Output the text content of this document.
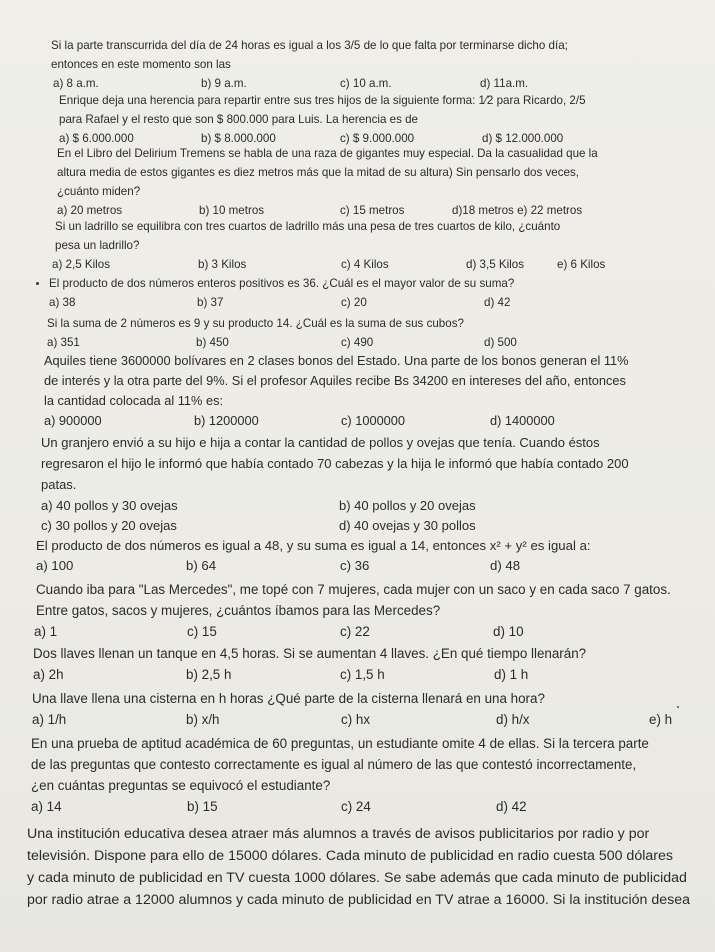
Si la parte transcurrida del día de 24 horas es igual a los 3/5 de lo que falta por terminarse dicho día;

entonces en este momento son las

a) 8 a.m.	b) 9 a.m.	c) 10 a.m.	d) 11a.m.

Enrique deja una herencia para repartir entre sus tres hijos de la siguiente forma: 1⁄2 para Ricardo, 2/5

para Rafael y el resto que son $ 800.000 para Luis. La herencia es de

a) $ 6.000.000	b) $ 8.000.000	c) $ 9.000.000	d) $ 12.000.000

En el Libro del Delirium Tremens se habla de una raza de gigantes muy especial. Da la casualidad que la

altura media de estos gigantes es diez metros más que la mitad de su altura) Sin pensarlo dos veces,

¿cuánto miden?

a) 20 metros	b) 10 metros	c) 15 metros	d)18 metros e) 22 metros

Si un ladrillo se equilibra con tres cuartos de ladrillo más una pesa de tres cuartos de kilo, ¿cuánto

pesa un ladrillo?

a) 2,5 Kilos	b) 3 Kilos	c) 4 Kilos	d) 3,5 Kilos	e) 6 Kilos

El producto de dos números enteros positivos es 36. ¿Cuál es el mayor valor de su suma?

a) 38	b) 37	c) 20	d) 42

Si la suma de 2 números es 9 y su producto 14. ¿Cuál es la suma de sus cubos?

a) 351	b) 450	c) 490	d) 500

Aquiles tiene 3600000 bolívares en 2 clases bonos del Estado. Una parte de los bonos generan el 11%

de interés y la otra parte del 9%. Si el profesor Aquiles recibe Bs 34200 en intereses del año, entonces

la cantidad colocada al 11% es:

a) 900000	b) 1200000	c) 1000000	d) 1400000

Un granjero envió a su hijo e hija a contar la cantidad de pollos y ovejas que tenía. Cuando éstos

regresaron el hijo le informó que había contado 70 cabezas y la hija le informó que había contado 200

patas.

a) 40 pollos y 30 ovejas	b) 40 pollos y 20 ovejas
c) 30 pollos y 20 ovejas	d) 40 ovejas y 30 pollos

El producto de dos números es igual a 48, y su suma es igual a 14, entonces x² + y² es igual a:

a) 100	b) 64	c) 36	d) 48

Cuando iba para "Las Mercedes", me topé con 7 mujeres, cada mujer con un saco y en cada saco 7 gatos.

Entre gatos, sacos y mujeres, ¿cuántos íbamos para las Mercedes?

a) 1	c) 15	c) 22	d) 10

Dos llaves llenan un tanque en 4,5 horas. Si se aumentan 4 llaves. ¿En qué tiempo llenarán?

a) 2h	b) 2,5 h	c) 1,5 h	d) 1 h

Una llave llena una cisterna en h horas ¿Qué parte de la cisterna llenará en una hora?

a) 1/h	b) x/h	c) hx	d) h/x	e) h

En una prueba de aptitud académica de 60 preguntas, un estudiante omite 4 de ellas. Si la tercera parte

de las preguntas que contesto correctamente es igual al número de las que contestó incorrectamente,

¿en cuántas preguntas se equivocó el estudiante?

a) 14	b) 15	c) 24	d) 42

Una institución educativa desea atraer más alumnos a través de avisos publicitarios por radio y por

televisión. Dispone para ello de 15000 dólares. Cada minuto de publicidad en radio cuesta 500 dólares

y cada minuto de publicidad en TV cuesta 1000 dólares. Se sabe además que cada minuto de publicidad

por radio atrae a 12000 alumnos y cada minuto de publicidad en TV atrae a 16000. Si la institución desea
